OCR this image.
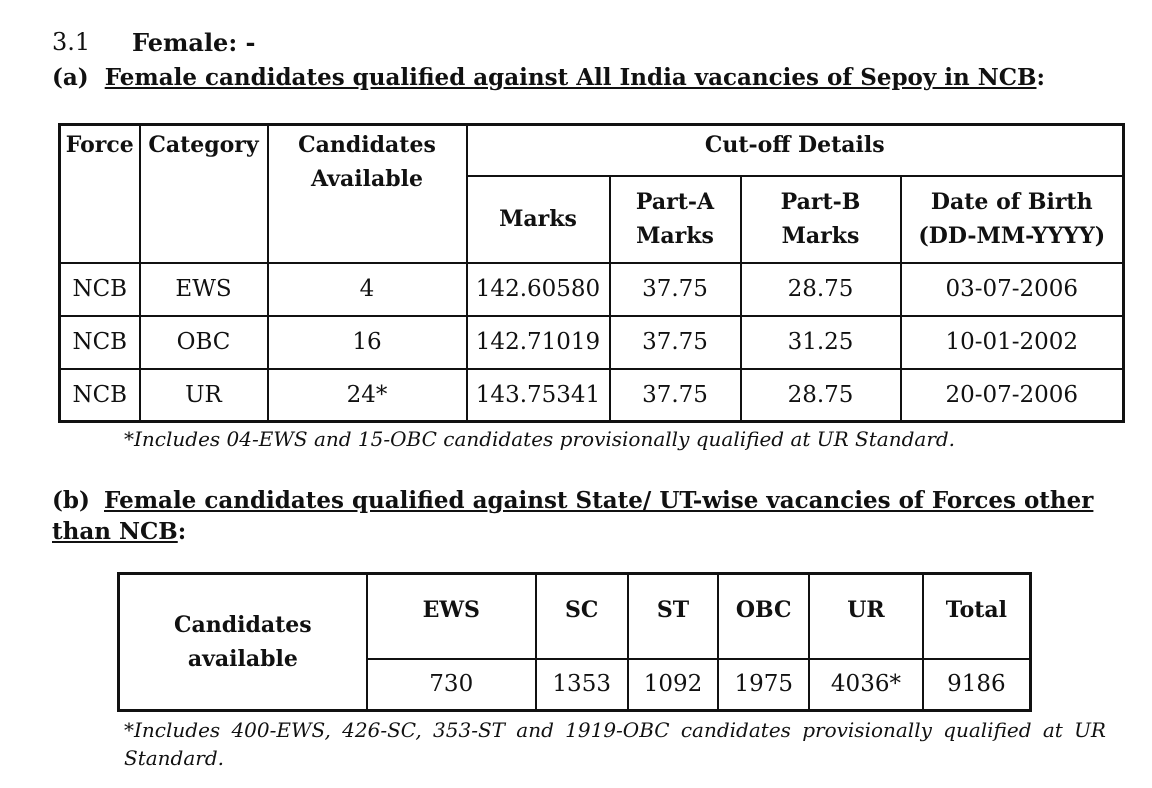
3.1 Female: -
(a) Female candidates qualified against All India vacancies of Sepoy in NCB:
Force	Category	Candidates Available	Cut-off Details			
			Marks	Part-A Marks	Part-B Marks	Date of Birth (DD-MM-YYYY)
NCB	EWS	4	142.60580	37.75	28.75	03-07-2006
NCB	OBC	16	142.71019	37.75	31.25	10-01-2002
NCB	UR	24*	143.75341	37.75	28.75	20-07-2006
*Includes 04-EWS and 15-OBC candidates provisionally qualified at UR Standard.
(b) Female candidates qualified against State/ UT-wise vacancies of Forces other than NCB:
Candidates available	EWS	SC	ST	OBC	UR	Total
	730	1353	1092	1975	4036*	9186
*Includes 400-EWS, 426-SC, 353-ST and 1919-OBC candidates provisionally qualified at UR Standard.
